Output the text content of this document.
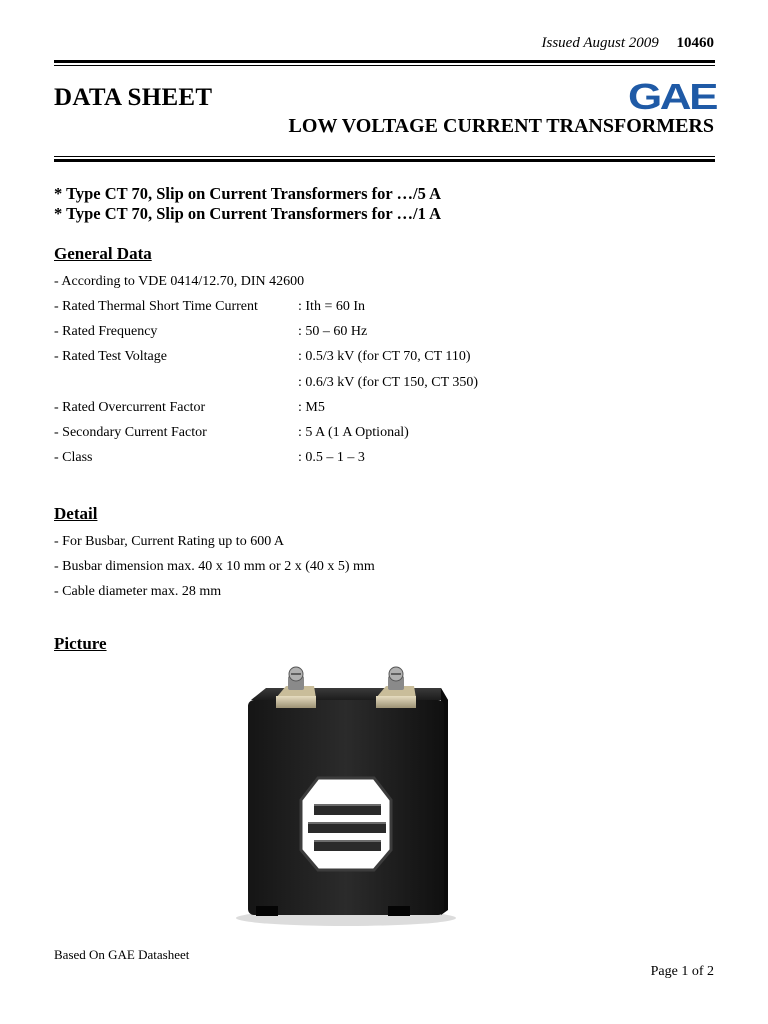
Issued August 2009 10460
DATA SHEET	GAE
LOW VOLTAGE CURRENT TRANSFORMERS
* Type CT 70, Slip on Current Transformers for …/5 A
* Type CT 70, Slip on Current Transformers for …/1 A
General Data
- According to VDE 0414/12.70, DIN 42600
- Rated Thermal Short Time Current	: Ith = 60 In
- Rated Frequency	: 50 – 60 Hz
- Rated Test Voltage	: 0.5/3 kV (for CT 70, CT 110)
: 0.6/3 kV (for CT 150, CT 350)
- Rated Overcurrent Factor	: M5
- Secondary Current Factor	: 5 A (1 A Optional)
- Class	: 0.5 – 1 – 3
Detail
- For Busbar, Current Rating up to 600 A
- Busbar dimension max. 40 x 10 mm or 2 x (40 x 5) mm
- Cable diameter max. 28 mm
Picture
Based On GAE Datasheet
Page 1 of 2
